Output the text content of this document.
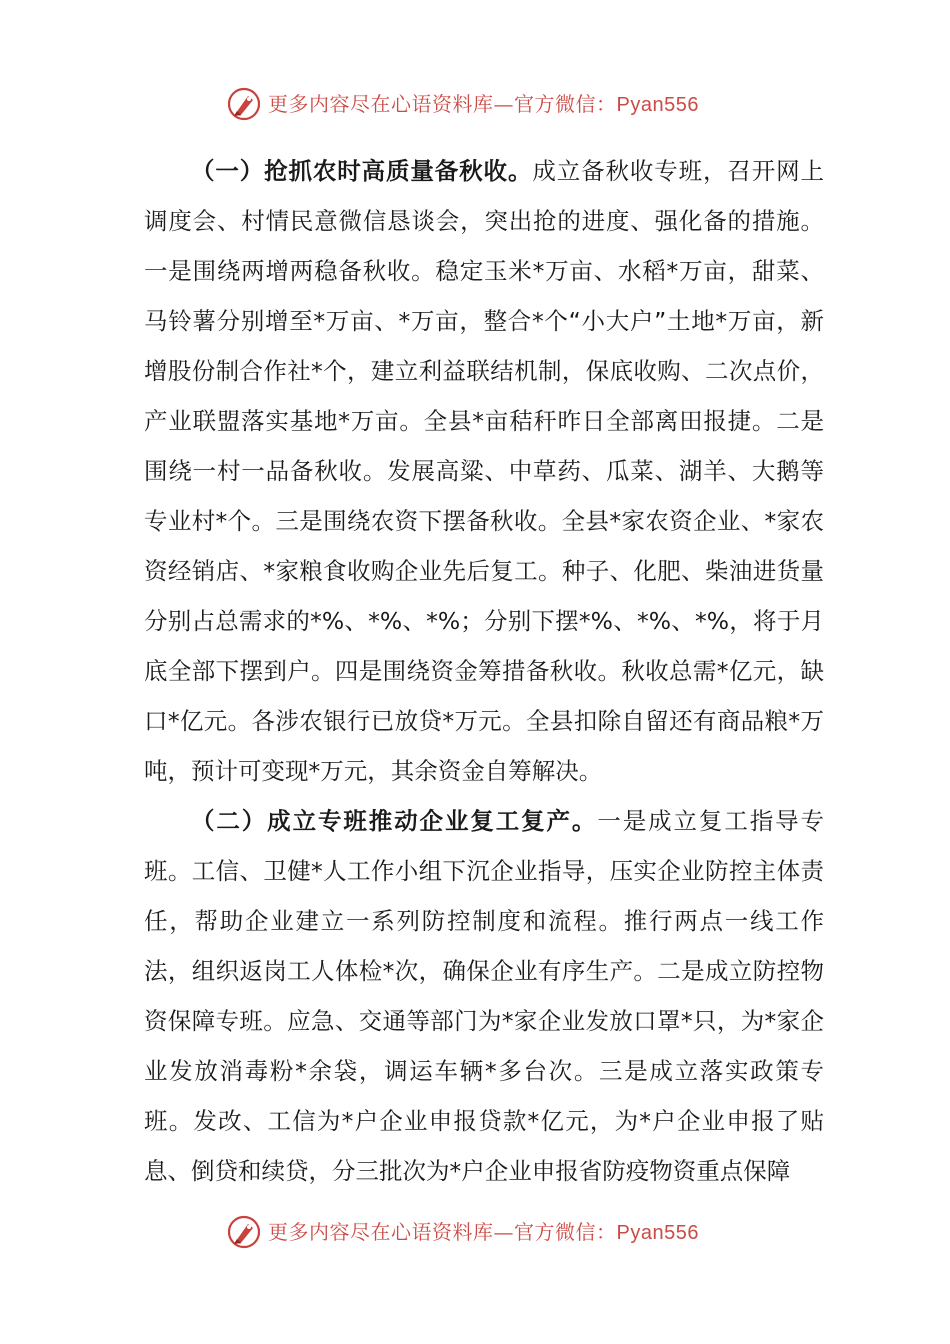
更多内容尽在心语资料库—官方微信：Pyan556

（一）抢抓农时高质量备秋收。成立备秋收专班，召开网上调度会、村情民意微信恳谈会，突出抢的进度、强化备的措施。一是围绕两增两稳备秋收。稳定玉米*万亩、水稻*万亩，甜菜、马铃薯分别增至*万亩、*万亩，整合*个“小大户”土地*万亩，新增股份制合作社*个，建立利益联结机制，保底收购、二次点价，产业联盟落实基地*万亩。全县*亩秸秆昨日全部离田报捷。二是围绕一村一品备秋收。发展高粱、中草药、瓜菜、湖羊、大鹅等专业村*个。三是围绕农资下摆备秋收。全县*家农资企业、*家农资经销店、*家粮食收购企业先后复工。种子、化肥、柴油进货量分别占总需求的*%、*%、*%；分别下摆*%、*%、*%，将于月底全部下摆到户。四是围绕资金筹措备秋收。秋收总需*亿元，缺口*亿元。各涉农银行已放贷*万元。全县扣除自留还有商品粮*万吨，预计可变现*万元，其余资金自筹解决。

（二）成立专班推动企业复工复产。一是成立复工指导专班。工信、卫健*人工作小组下沉企业指导，压实企业防控主体责任，帮助企业建立一系列防控制度和流程。推行两点一线工作法，组织返岗工人体检*次，确保企业有序生产。二是成立防控物资保障专班。应急、交通等部门为*家企业发放口罩*只，为*家企业发放消毒粉*余袋，调运车辆*多台次。三是成立落实政策专班。发改、工信为*户企业申报贷款*亿元，为*户企业申报了贴息、倒贷和续贷，分三批次为*户企业申报省防疫物资重点保障

更多内容尽在心语资料库—官方微信：Pyan556
